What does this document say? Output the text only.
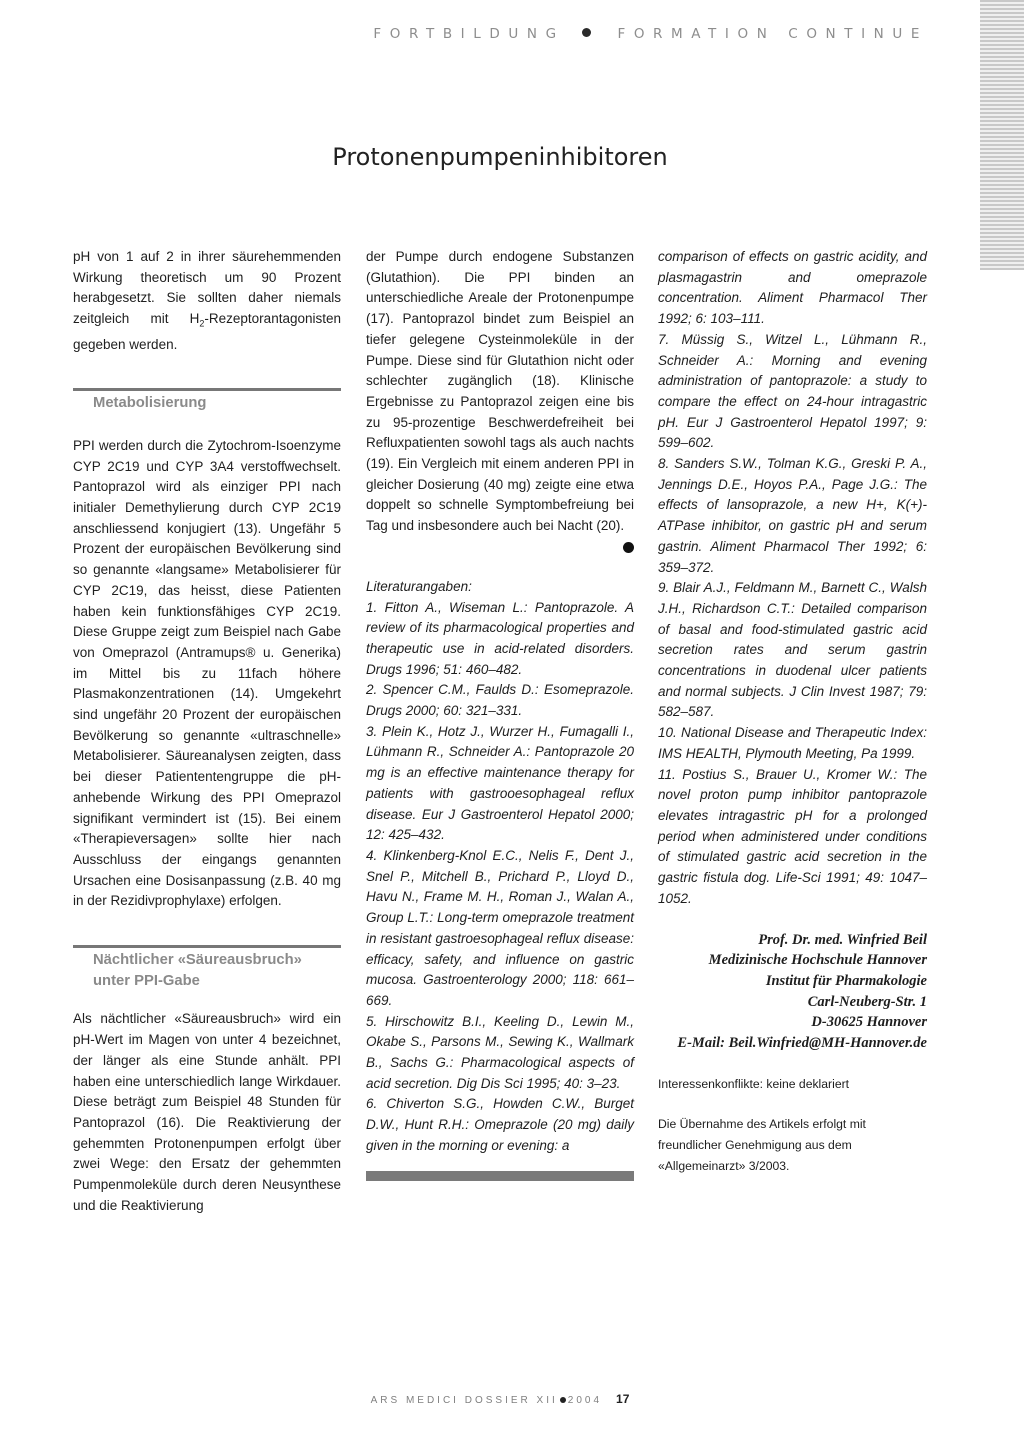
FORTBILDUNG	FORMATION CONTINUE
Protonenpumpeninhibitoren

pH von 1 auf 2 in ihrer säurehemmenden Wirkung theoretisch um 90 Prozent herabgesetzt. Sie sollten daher niemals zeitgleich mit $H_2$-Rezeptorantagonisten gegeben werden.

Metabolisierung

PPI werden durch die Zytochrom-Isoenzyme CYP 2C19 und CYP 3A4 verstoffwechselt. Pantoprazol wird als einziger PPI nach initialer Demethylierung durch CYP 2C19 anschliessend konjugiert (13). Ungefähr 5 Prozent der europäischen Bevölkerung sind so genannte «langsame» Metabolisierer für CYP 2C19, das heisst, diese Patienten haben kein funktionsfähiges CYP 2C19. Diese Gruppe zeigt zum Beispiel nach Gabe von Omeprazol (Antramups® u. Generika) im Mittel bis zu 11fach höhere Plasmakonzentrationen (14). Umgekehrt sind ungefähr 20 Prozent der europäischen Bevölkerung so genannte «ultraschnelle» Metabolisierer. Säureanalysen zeigten, dass bei dieser Patiententengruppe die pH-anhebende Wirkung des PPI Omeprazol signifikant vermindert ist (15). Bei einem «Therapieversagen» sollte hier nach Ausschluss der eingangs genannten Ursachen eine Dosisanpassung (z.B. 40 mg in der Rezidivprophylaxe) erfolgen.

Nächtlicher «Säureausbruch» unter PPI-Gabe

Als nächtlicher «Säureausbruch» wird ein pH-Wert im Magen von unter 4 bezeichnet, der länger als eine Stunde anhält. PPI haben eine unterschiedlich lange Wirkdauer. Diese beträgt zum Beispiel 48 Stunden für Pantoprazol (16). Die Reaktivierung der gehemmten Protonenpumpen erfolgt über zwei Wege: den Ersatz der gehemmten Pumpenmoleküle durch deren Neusynthese und die Reaktivierung

der Pumpe durch endogene Substanzen (Glutathion). Die PPI binden an unterschiedliche Areale der Protonenpumpe (17). Pantoprazol bindet zum Beispiel an tiefer gelegene Cysteinmoleküle in der Pumpe. Diese sind für Glutathion nicht oder schlechter zugänglich (18). Klinische Ergebnisse zu Pantoprazol zeigen eine bis zu 95-prozentige Beschwerdefreiheit bei Refluxpatienten sowohl tags als auch nachts (19). Ein Vergleich mit einem anderen PPI in gleicher Dosierung (40 mg) zeigte eine etwa doppelt so schnelle Symptombefreiung bei Tag und insbesondere auch bei Nacht (20).

Literaturangaben:
1. Fitton A., Wiseman L.: Pantoprazole. A review of its pharmacological properties and therapeutic use in acid-related disorders. Drugs 1996; 51: 460–482.
2. Spencer C.M., Faulds D.: Esomeprazole. Drugs 2000; 60: 321–331.
3. Plein K., Hotz J., Wurzer H., Fumagalli I., Lühmann R., Schneider A.: Pantoprazole 20 mg is an effective maintenance therapy for patients with gastrooesophageal reflux disease. Eur J Gastroenterol Hepatol 2000; 12: 425–432.
4. Klinkenberg-Knol E.C., Nelis F., Dent J., Snel P., Mitchell B., Prichard P., Lloyd D., Havu N., Frame M. H., Roman J., Walan A., Group L.T.: Long-term omeprazole treatment in resistant gastroesophageal reflux disease: efficacy, safety, and influence on gastric mucosa. Gastroenterology 2000; 118: 661–669.
5. Hirschowitz B.I., Keeling D., Lewin M., Okabe S., Parsons M., Sewing K., Wallmark B., Sachs G.: Pharmacological aspects of acid secretion. Dig Dis Sci 1995; 40: 3–23.
6. Chiverton S.G., Howden C.W., Burget D.W., Hunt R.H.: Omeprazole (20 mg) daily given in the morning or evening: a
comparison of effects on gastric acidity, and plasmagastrin and omeprazole concentration. Aliment Pharmacol Ther 1992; 6: 103–111.
7. Müssig S., Witzel L., Lühmann R., Schneider A.: Morning and evening administration of pantoprazole: a study to compare the effect on 24-hour intragastric pH. Eur J Gastroenterol Hepatol 1997; 9: 599–602.
8. Sanders S.W., Tolman K.G., Greski P. A., Jennings D.E., Hoyos P.A., Page J.G.: The effects of lansoprazole, a new H+, K(+)-ATPase inhibitor, on gastric pH and serum gastrin. Aliment Pharmacol Ther 1992; 6: 359–372.
9. Blair A.J., Feldmann M., Barnett C., Walsh J.H., Richardson C.T.: Detailed comparison of basal and food-stimulated gastric acid secretion rates and serum gastrin concentrations in duodenal ulcer patients and normal subjects. J Clin Invest 1987; 79: 582–587.
10. National Disease and Therapeutic Index: IMS HEALTH, Plymouth Meeting, Pa 1999.
11. Postius S., Brauer U., Kromer W.: The novel proton pump inhibitor pantoprazole elevates intragastric pH for a prolonged period when administered under conditions of stimulated gastric acid secretion in the gastric fistula dog. Life-Sci 1991; 49: 1047–1052.
Prof. Dr. med. Winfried Beil
Medizinische Hochschule Hannover
Institut für Pharmakologie
Carl-Neuberg-Str. 1
D-30625 Hannover
E-Mail: Beil.Winfried@MH-Hannover.de
Interessenkonflikte: keine deklariert
Die Übernahme des Artikels erfolgt mit freundlicher Genehmigung aus dem «Allgemeinarzt» 3/2003.
ARS MEDICI DOSSIER XII 2004 17
